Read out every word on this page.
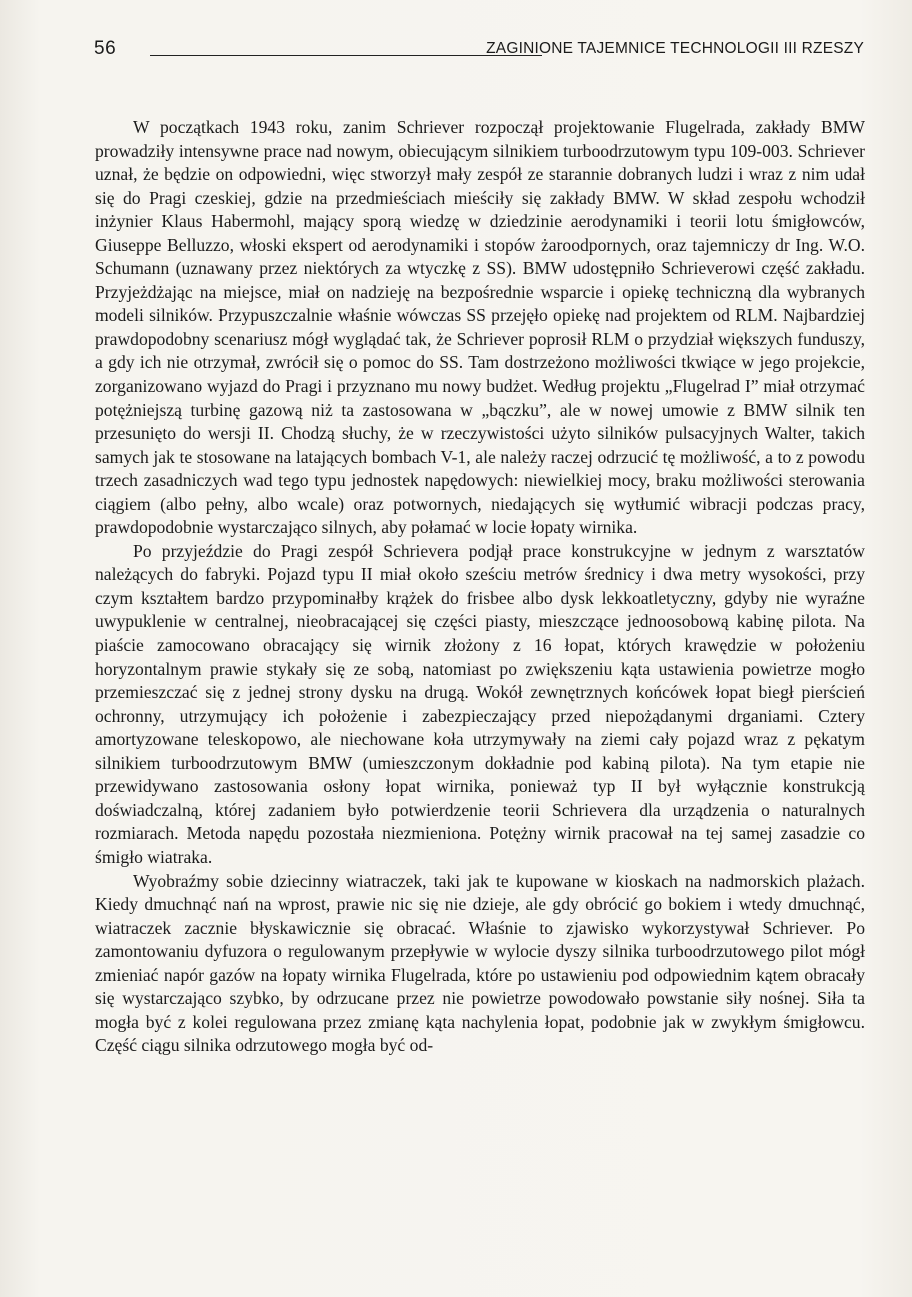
56	ZAGINIONE TAJEMNICE TECHNOLOGII III RZESZY

W początkach 1943 roku, zanim Schriever rozpoczął projektowanie Flugelrada, zakłady BMW prowadziły intensywne prace nad nowym, obiecującym silnikiem turboodrzutowym typu 109-003. Schriever uznał, że będzie on odpowiedni, więc stworzył mały zespół ze starannie dobranych ludzi i wraz z nim udał się do Pragi czeskiej, gdzie na przedmieściach mieściły się zakłady BMW. W skład zespołu wchodził inżynier Klaus Habermohl, mający sporą wiedzę w dziedzinie aerodynamiki i teorii lotu śmigłowców, Giuseppe Belluzzo, włoski ekspert od aerodynamiki i stopów żaroodpornych, oraz tajemniczy dr Ing. W.O. Schumann (uznawany przez niektórych za wtyczkę z SS). BMW udostępniło Schrieverowi część zakładu. Przyjeżdżając na miejsce, miał on nadzieję na bezpośrednie wsparcie i opiekę techniczną dla wybranych modeli silników. Przypuszczalnie właśnie wówczas SS przejęło opiekę nad projektem od RLM. Najbardziej prawdopodobny scenariusz mógł wyglądać tak, że Schriever poprosił RLM o przydział większych funduszy, a gdy ich nie otrzymał, zwrócił się o pomoc do SS. Tam dostrzeżono możliwości tkwiące w jego projekcie, zorganizowano wyjazd do Pragi i przyznano mu nowy budżet. Według projektu „Flugelrad I” miał otrzymać potężniejszą turbinę gazową niż ta zastosowana w „bączku”, ale w nowej umowie z BMW silnik ten przesunięto do wersji II. Chodzą słuchy, że w rzeczywistości użyto silników pulsacyjnych Walter, takich samych jak te stosowane na latających bombach V-1, ale należy raczej odrzucić tę możliwość, a to z powodu trzech zasadniczych wad tego typu jednostek napędowych: niewielkiej mocy, braku możliwości sterowania ciągiem (albo pełny, albo wcale) oraz potwornych, niedających się wytłumić wibracji podczas pracy, prawdopodobnie wystarczająco silnych, aby połamać w locie łopaty wirnika.

Po przyjeździe do Pragi zespół Schrievera podjął prace konstrukcyjne w jednym z warsztatów należących do fabryki. Pojazd typu II miał około sześciu metrów średnicy i dwa metry wysokości, przy czym kształtem bardzo przypominałby krążek do frisbee albo dysk lekkoatletyczny, gdyby nie wyraźne uwypuklenie w centralnej, nieobracającej się części piasty, mieszczące jednoosobową kabinę pilota. Na piaście zamocowano obracający się wirnik złożony z 16 łopat, których krawędzie w położeniu horyzontalnym prawie stykały się ze sobą, natomiast po zwiększeniu kąta ustawienia powietrze mogło przemieszczać się z jednej strony dysku na drugą. Wokół zewnętrznych końcówek łopat biegł pierścień ochronny, utrzymujący ich położenie i zabezpieczający przed niepożądanymi drganiami. Cztery amortyzowane teleskopowo, ale niechowane koła utrzymywały na ziemi cały pojazd wraz z pękatym silnikiem turboodrzutowym BMW (umieszczonym dokładnie pod kabiną pilota). Na tym etapie nie przewidywano zastosowania osłony łopat wirnika, ponieważ typ II był wyłącznie konstrukcją doświadczalną, której zadaniem było potwierdzenie teorii Schrievera dla urządzenia o naturalnych rozmiarach. Metoda napędu pozostała niezmieniona. Potężny wirnik pracował na tej samej zasadzie co śmigło wiatraka.

Wyobraźmy sobie dziecinny wiatraczek, taki jak te kupowane w kioskach na nadmorskich plażach. Kiedy dmuchnąć nań na wprost, prawie nic się nie dzieje, ale gdy obrócić go bokiem i wtedy dmuchnąć, wiatraczek zacznie błyskawicznie się obracać. Właśnie to zjawisko wykorzystywał Schriever. Po zamontowaniu dyfuzora o regulowanym przepływie w wylocie dyszy silnika turboodrzutowego pilot mógł zmieniać napór gazów na łopaty wirnika Flugelrada, które po ustawieniu pod odpowiednim kątem obracały się wystarczająco szybko, by odrzucane przez nie powietrze powodowało powstanie siły nośnej. Siła ta mogła być z kolei regulowana przez zmianę kąta nachylenia łopat, podobnie jak w zwykłym śmigłowcu. Część ciągu silnika odrzutowego mogła być od-
